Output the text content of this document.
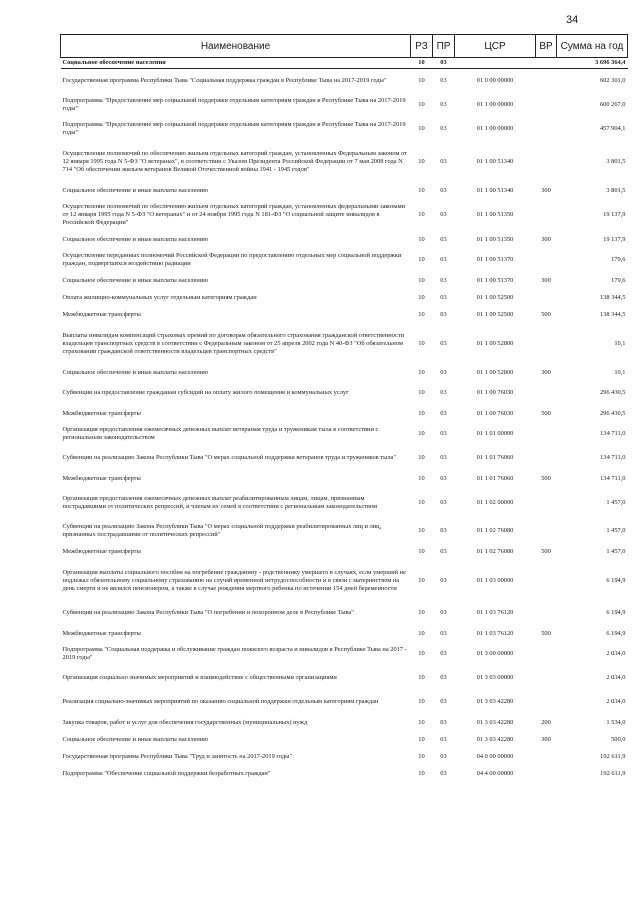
34
Наименование	РЗ	ПР	ЦСР	ВР	Сумма на год
Социальное обеспечение населения	10	03			3 696 364,4
Государственная программа Республики Тыва "Социальная поддержка граждан в Республике Тыва на 2017-2019 годы"	10	03	01 0 00 00000		602 301,0
Подпрограмма "Предоставление мер социальной поддержки отдельным категориям граждан в Республике Тыва на 2017-2019 годы"	10	03	01 1 00 00000		600 267,0
Подпрограмма "Предоставление мер социальной поддержки отдельным категориям граждан в Республике Тыва на 2017-2019 годы"	10	03	01 1 00 00000		457 904,1
Осуществление полномочий по обеспечению жильем отдельных категорий граждан, установленных Федеральным законом от 12 января 1995 года N 5-ФЗ "О ветеранах", в соответствии с Указом Президента Российской Федерации от 7 мая 2008 года N 714 "Об обеспечении жильем ветеранов Великой Отечественной войны 1941 - 1945 годов"	10	03	01 1 00 51340		3 801,5
Социальное обеспечение и иные выплаты населению	10	03	01 1 00 51340	300	3 801,5
Осуществление полномочий по обеспечению жильем отдельных категорий граждан, установленных федеральными законами от 12 января 1995 года N 5-ФЗ "О ветеранах" и от 24 ноября 1995 года N 181-ФЗ "О социальной защите инвалидов в Российской Федерации"	10	03	01 1 00 51350		19 137,9
Социальное обеспечение и иные выплаты населению	10	03	01 1 00 51350	300	19 137,9
Осуществление переданных полномочий Российской Федерации по предоставлению отдельных мер социальной поддержки граждан, подвергшихся воздействию радиации	10	03	01 1 00 51370		179,6
Социальное обеспечение и иные выплаты населению	10	03	01 1 00 51370	300	179,6
Оплата жилищно-коммунальных услуг отдельным категориям граждан	10	03	01 1 00 52500		138 344,5
Межбюджетные трансферты	10	03	01 1 00 52500	500	138 344,5
Выплаты инвалидам компенсаций страховых премий по договорам обязательного страхования гражданской ответственности владельцев транспортных средств в соответствии с Федеральным законом от 25 апреля 2002 года N 40-ФЗ "Об обязательном страховании гражданской ответственности владельцев транспортных средств"	10	03	01 1 00 52800		10,1
Социальное обеспечение и иные выплаты населению	10	03	01 1 00 52800	300	10,1
Субвенции на предоставление гражданам субсидий на оплату жилого помещения и коммунальных услуг	10	03	01 1 00 76030		296 430,5
Межбюджетные трансферты	10	03	01 1 00 76030	500	296 430,5
Организация предоставления ежемесячных денежных выплат ветеранам труда и труженикам тыла в соответствии с региональным законодательством	10	03	01 1 01 00000		134 711,0
Субвенции на реализацию Закона Республики Тыва "О мерах социальной поддержки ветеранов труда и тружеников тыла"	10	03	01 1 01 76060		134 711,0
Межбюджетные трансферты	10	03	01 1 01 76060	500	134 711,0
Организация предоставления ежемесячных денежных выплат реабилитированным лицам, лицам, признанным пострадавшими от политических репрессий, и членам их семей в соответствии с региональным законодательством	10	03	01 1 02 00000		1 457,0
Субвенции на реализацию Закона Республики Тыва "О мерах социальной поддержки реабилитированных лиц и лиц, признанных пострадавшими от политических репрессий"	10	03	01 1 02 76080		1 457,0
Межбюджетные трансферты	10	03	01 1 02 76080	500	1 457,0
Организация выплаты социального пособия на погребение гражданину - родственнику умершего в случаях, если умерший не подлежал обязательному социальному страхованию на случай временной нетрудоспособности и в связи с материнством на день смерти и не являлся пенсионером, а также в случае рождения мертвого ребенка по истечении 154 дней беременности	10	03	01 1 03 00000		6 194,9
Субвенции на реализацию Закона Республики Тыва "О погребении и похоронном деле в Республике Тыва"	10	03	01 1 03 76120		6 194,9
Межбюджетные трансферты	10	03	01 1 03 76120	500	6 194,9
Подпрограмма "Социальная поддержка и обслуживание граждан пожилого возраста и инвалидов в Республике Тыва на 2017 - 2019 годы"	10	03	01 3 00 00000		2 034,0
Организация социально значимых мероприятий и взаимодействие с общественными организациями	10	03	01 3 03 00000		2 034,0
Реализация социально-значимых мероприятий по оказанию социальной поддержки отдельным категориям граждан	10	03	01 3 03 42280		2 034,0
Закупка товаров, работ и услуг для обеспечения государственных (муниципальных) нужд	10	03	01 3 03 42280	200	1 534,0
Социальное обеспечение и иные выплаты населению	10	03	01 3 03 42280	300	500,0
Государственная программа Республики Тыва "Труд и занятость на 2017-2019 годы"	10	03	04 0 00 00000		192 611,9
Подпрограмма "Обеспечение социальной поддержки безработных граждан"	10	03	04 4 00 00000		192 611,9
